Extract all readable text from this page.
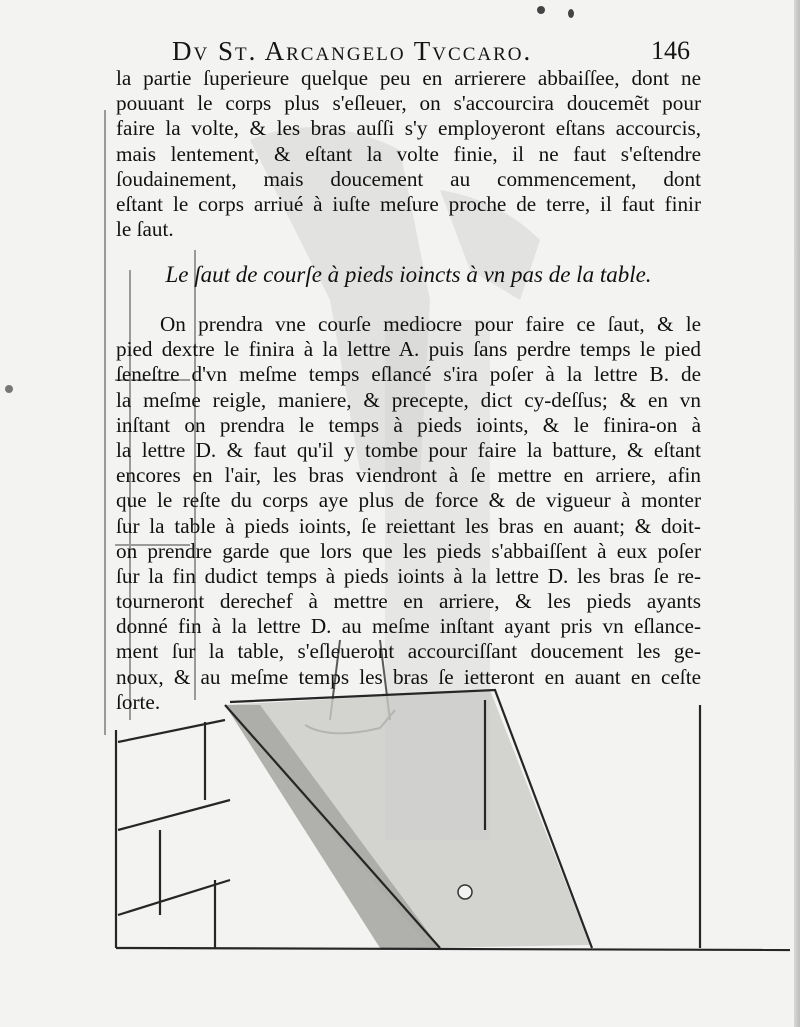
Dv St. Arcangelo Tvccaro.	146
la partie ſuperieure quelque peu en arrierere abbaiſſee, dont ne
pouuant le corps plus s'eſleuer, on s'accourcira doucemẽt pour
faire la volte, & les bras auſſi s'y employeront eſtans accourcis,
mais lentement, & eſtant la volte finie, il ne faut s'eſtendre
ſoudainement, mais doucement au commencement, dont
eſtant le corps arriué à iuſte meſure proche de terre, il faut finir
le ſaut.
Le ſaut de courſe à pieds ioincts à vn pas de la table.
On prendra vne courſe mediocre pour faire ce ſaut, & le
pied dextre le finira à la lettre A. puis ſans perdre temps le pied
ſeneſtre d'vn meſme temps eſlancé s'ira poſer à la lettre B. de
la meſme reigle, maniere, & precepte, dict cy-deſſus; & en vn
inſtant on prendra le temps à pieds ioints, & le finira-on à
la lettre D. & faut qu'il y tombe pour faire la batture, & eſtant
encores en l'air, les bras viendront à ſe mettre en arriere, afin
que le reſte du corps aye plus de force & de vigueur à monter
ſur la table à pieds ioints, ſe reiettant les bras en auant; & doit-
on prendre garde que lors que les pieds s'abbaiſſent à eux poſer
ſur la fin dudict temps à pieds ioints à la lettre D. les bras ſe re-
tourneront derechef à mettre en arriere, & les pieds ayants
donné fin à la lettre D. au meſme inſtant ayant pris vn eſlance-
ment ſur la table, s'eſleueront accourciſſant doucement les ge-
noux, & au meſme temps les bras ſe ietteront en auant en ceſte
ſorte.
